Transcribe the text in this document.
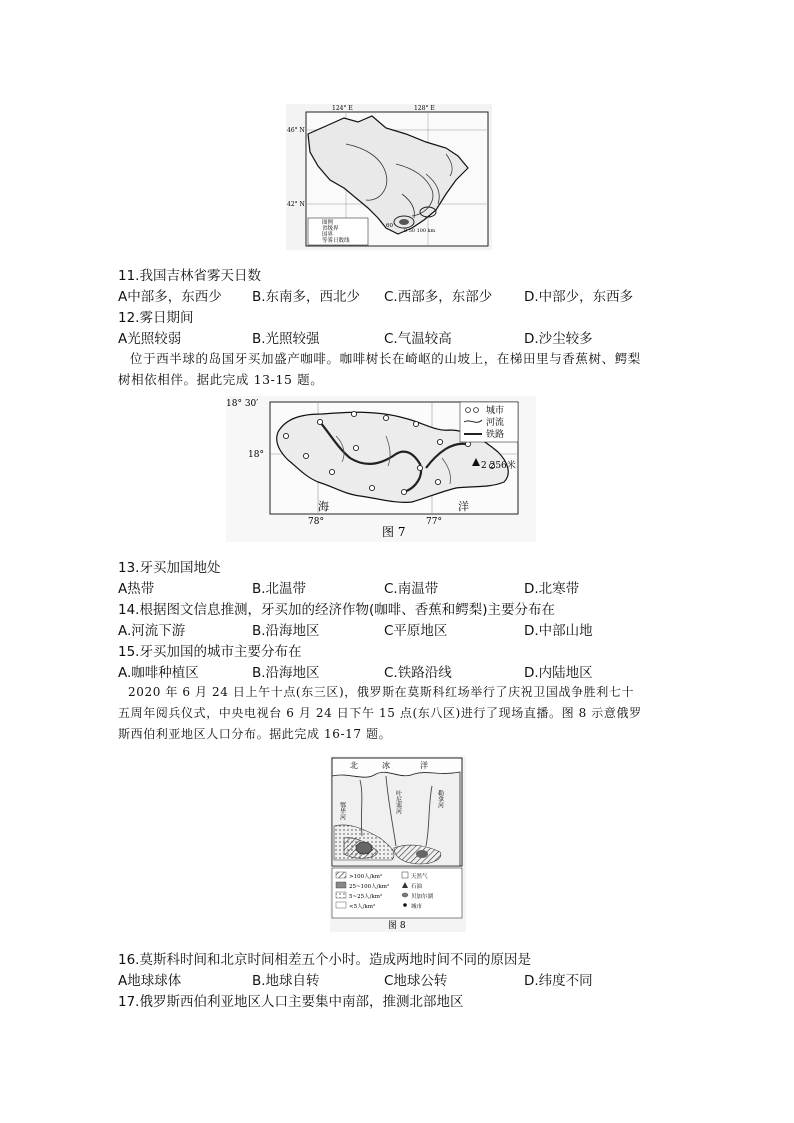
124° E	128° E
46° N
42° N
图例
省级界
国界
等雾日数线
0 50 100 km
60
11.我国吉林省雾天日数
A中部多，东西少 B.东南多，西北少 C.西部多，东部少 D.中部少，东西多
12.雾日期间
A光照较弱	B.光照较强	C.气温较高	D.沙尘较多

位于西半球的岛国牙买加盛产咖啡。咖啡树长在崎岖的山坡上，在梯田里与香蕉树、鳄梨

树相依相伴。据此完成 13-15 题。

城市
河流
铁路
18° 30′
18°
78°	77°
2 256米
海	洋
图 7
13.牙买加国地处
A热带	B.北温带	C.南温带	D.北寒带
14.根据图文信息推测，牙买加的经济作物(咖啡、香蕉和鳄梨)主要分布在
A.河流下游	B.沿海地区	C平原地区	D.中部山地
15.牙买加国的城市主要分布在
A.咖啡种植区	B.沿海地区	C.铁路沿线	D.内陆地区

2020 年 6 月 24 日上午十点(东三区)，俄罗斯在莫斯科红场举行了庆祝卫国战争胜利七十

五周年阅兵仪式，中央电视台 6 月 24 日下午 15 点(东八区)进行了现场直播。图 8 示意俄罗

斯西伯利亚地区人口分布。据此完成 16-17 题。

>100人/km²
25~100人/km²
5~25人/km²
<5人/km²
天然气
石油
贝加尔湖
城市
北	冰	洋
鄂毕河	叶尼塞河	勒拿河
图 8
16.莫斯科时间和北京时间相差五个小时。造成两地时间不同的原因是
A地球球体	B.地球自转	C地球公转	D.纬度不同
17.俄罗斯西伯利亚地区人口主要集中南部，推测北部地区
